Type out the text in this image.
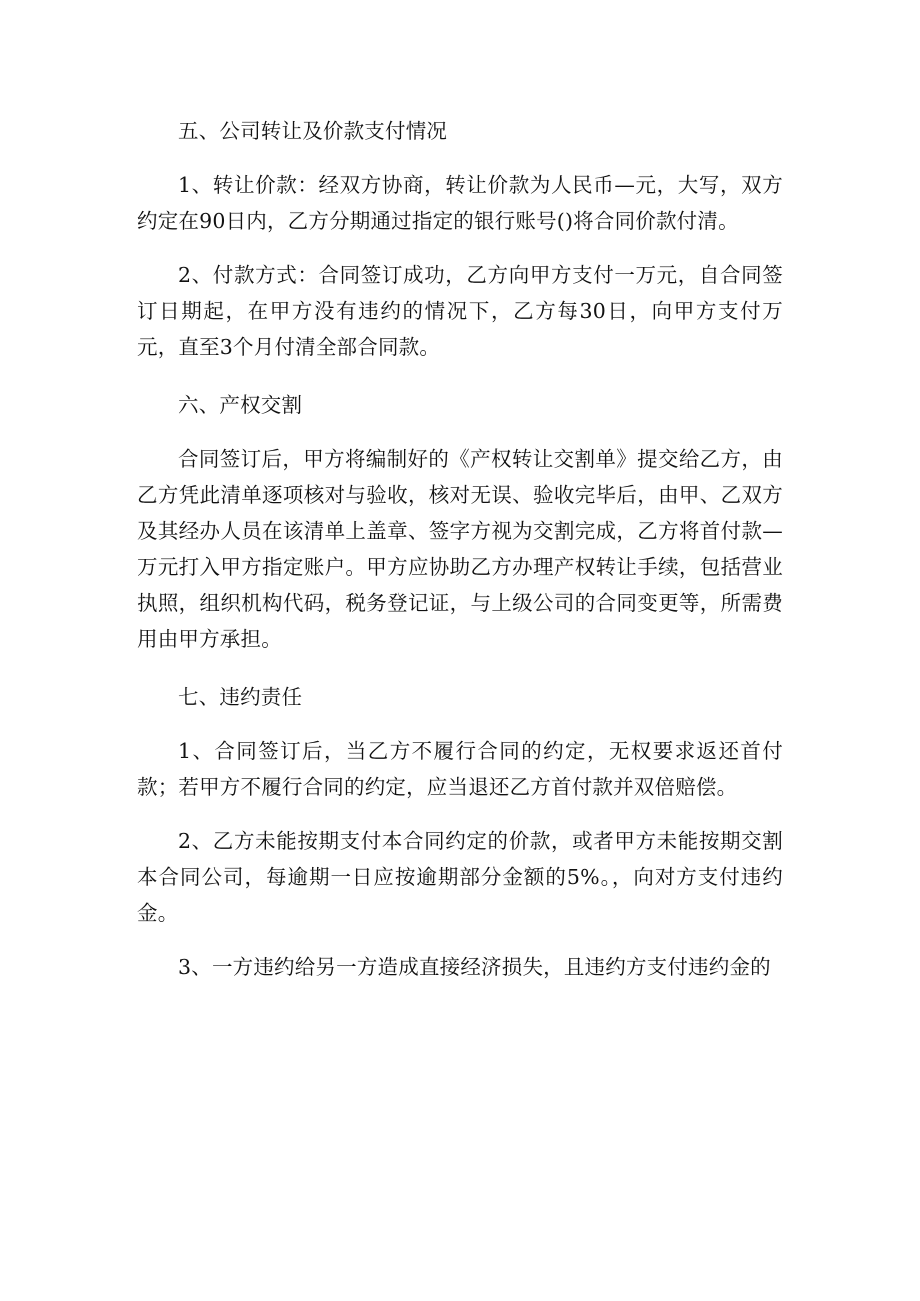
五、公司转让及价款支付情况

1、转让价款：经双方协商，转让价款为人民币—元，大写，双方约定在90日内，乙方分期通过指定的银行账号()将合同价款付清。

2、付款方式：合同签订成功，乙方向甲方支付一万元，自合同签订日期起，在甲方没有违约的情况下，乙方每30日，向甲方支付万元，直至3个月付清全部合同款。

六、产权交割

合同签订后，甲方将编制好的《产权转让交割单》提交给乙方，由乙方凭此清单逐项核对与验收，核对无误、验收完毕后，由甲、乙双方及其经办人员在该清单上盖章、签字方视为交割完成，乙方将首付款—万元打入甲方指定账户。甲方应协助乙方办理产权转让手续，包括营业执照，组织机构代码，税务登记证，与上级公司的合同变更等，所需费用由甲方承担。

七、违约责任

1、合同签订后，当乙方不履行合同的约定，无权要求返还首付款；若甲方不履行合同的约定，应当退还乙方首付款并双倍赔偿。

2、乙方未能按期支付本合同约定的价款，或者甲方未能按期交割本合同公司，每逾期一日应按逾期部分金额的5%。，向对方支付违约金。

3、一方违约给另一方造成直接经济损失，且违约方支付违约金的
